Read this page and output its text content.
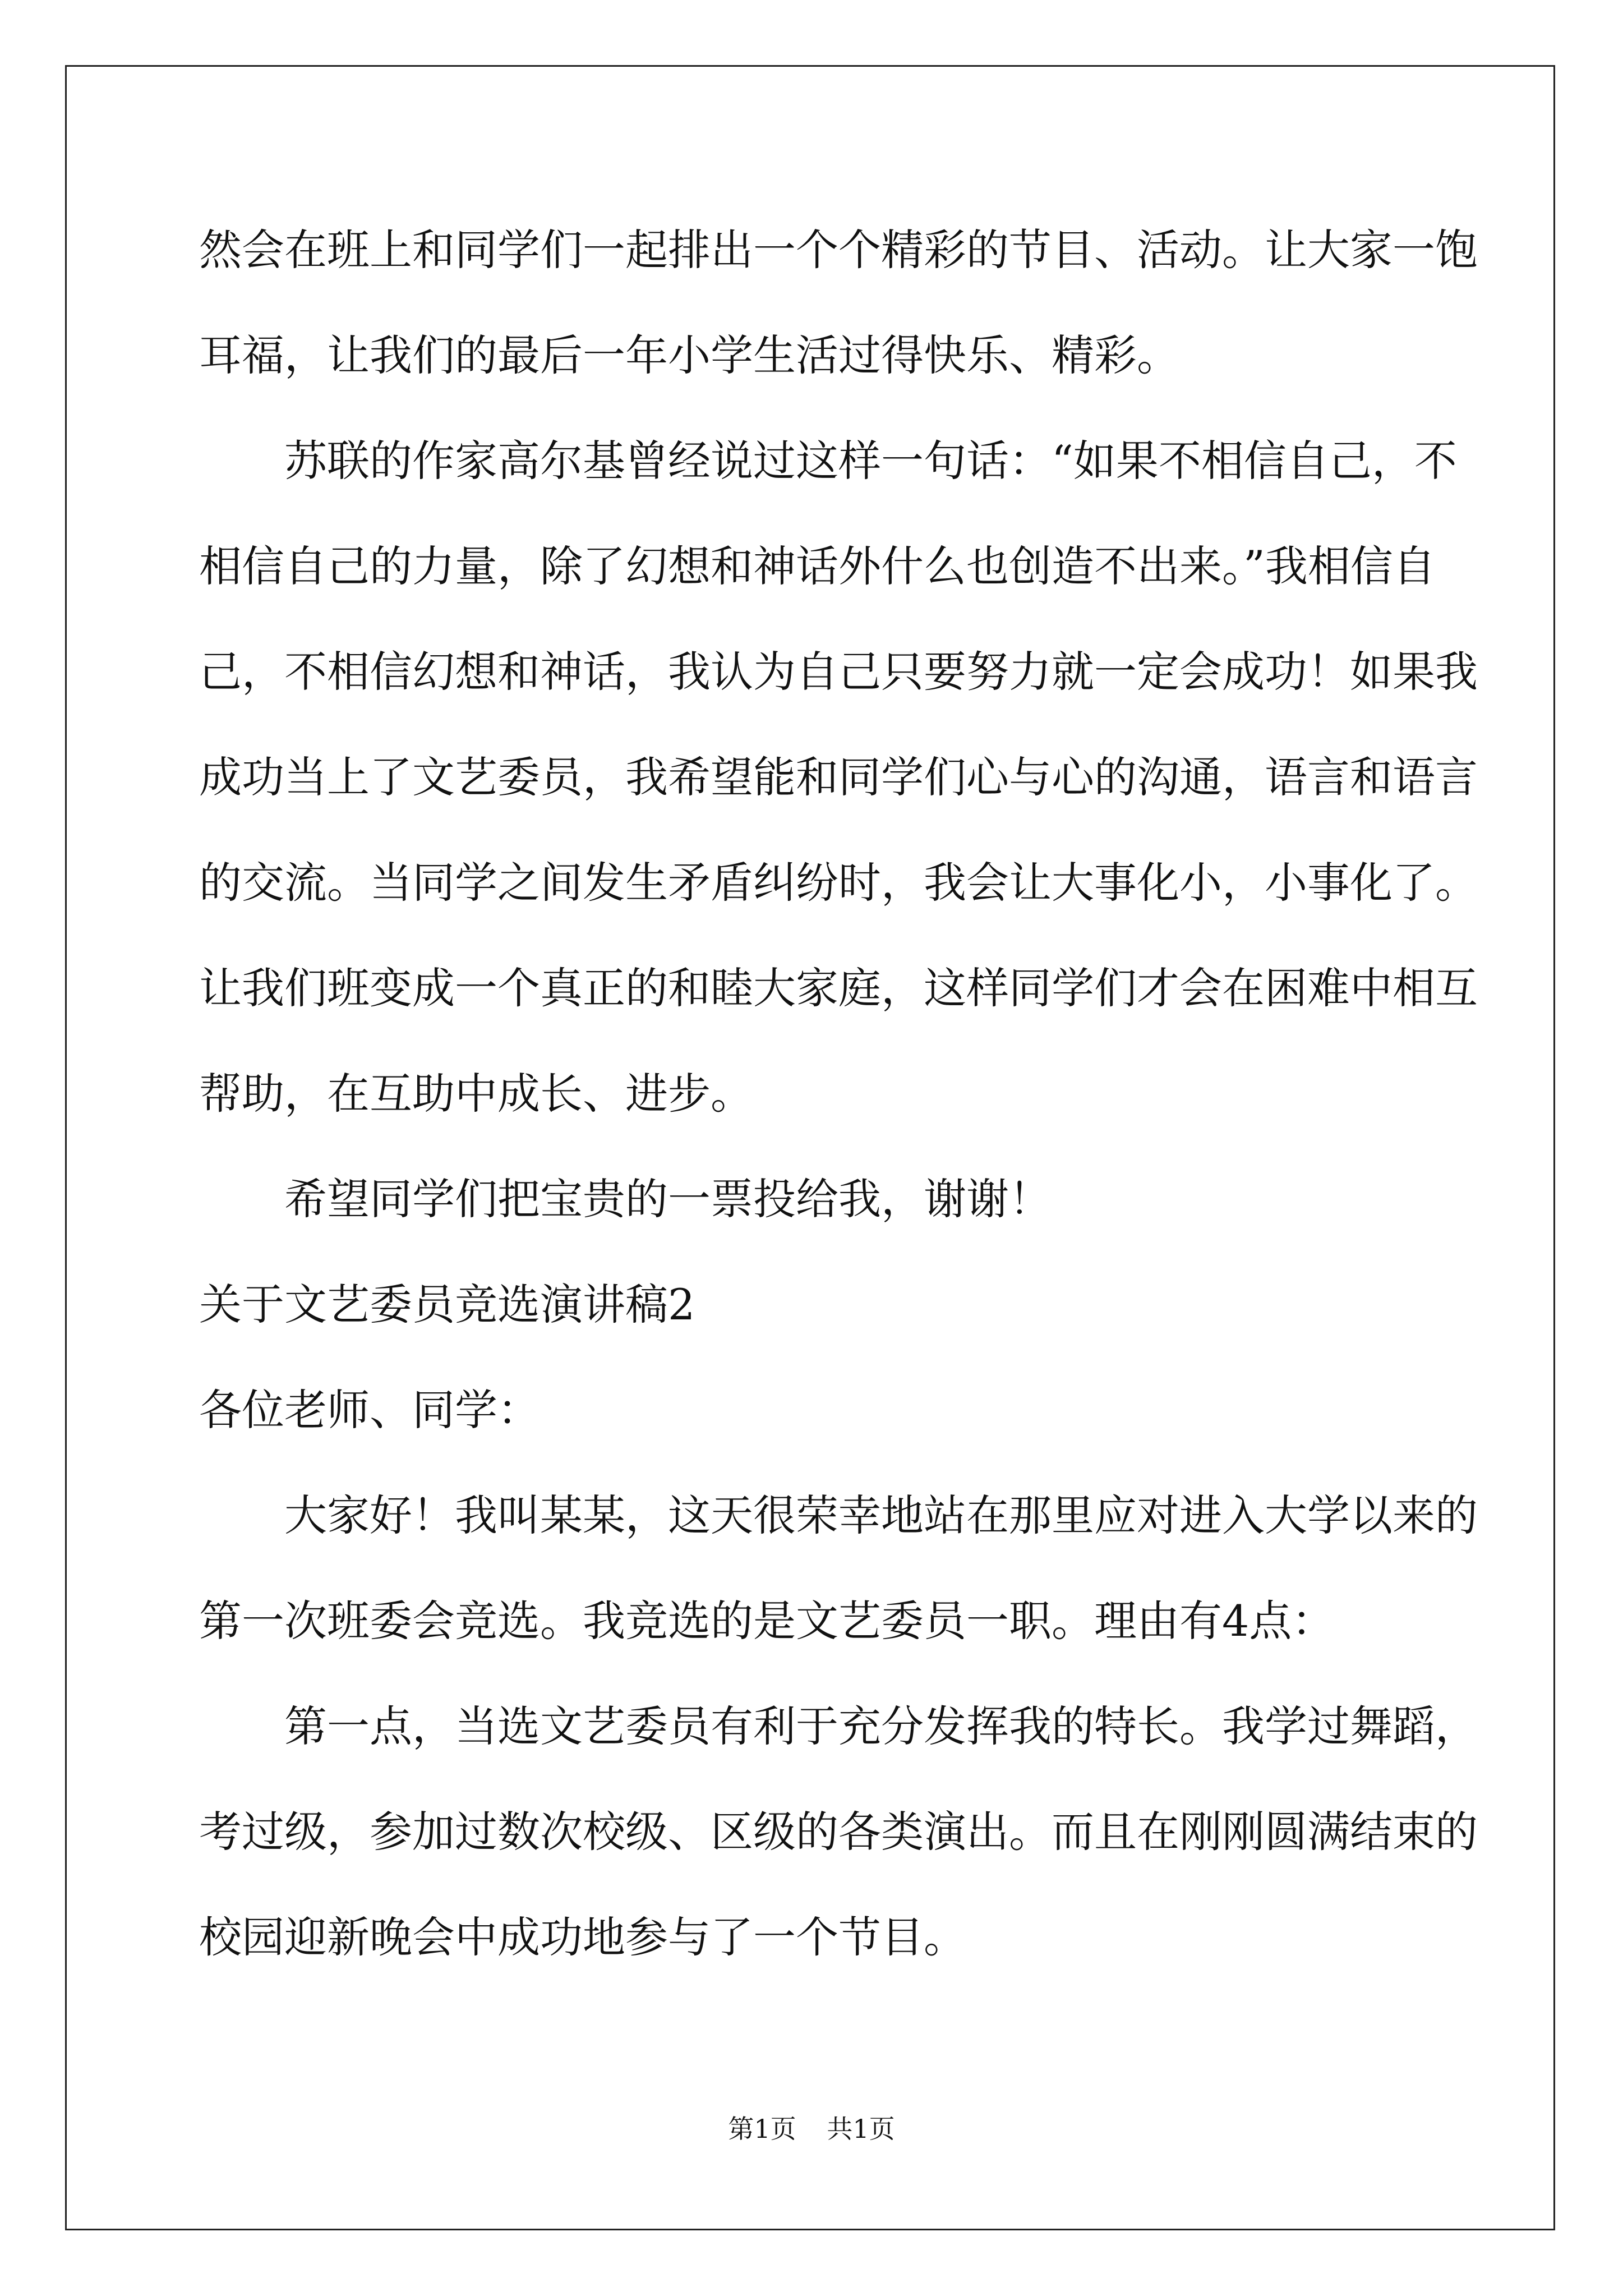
然会在班上和同学们一起排出一个个精彩的节目、活动。让大家一饱

耳福，让我们的最后一年小学生活过得快乐、精彩。

苏联的作家高尔基曾经说过这样一句话：“如果不相信自己，不

相信自己的力量，除了幻想和神话外什么也创造不出来。”我相信自

己，不相信幻想和神话，我认为自己只要努力就一定会成功！如果我

成功当上了文艺委员，我希望能和同学们心与心的沟通，语言和语言

的交流。当同学之间发生矛盾纠纷时，我会让大事化小，小事化了。

让我们班变成一个真正的和睦大家庭，这样同学们才会在困难中相互

帮助，在互助中成长、进步。

希望同学们把宝贵的一票投给我，谢谢！

关于文艺委员竞选演讲稿2

各位老师、同学：

大家好！我叫某某，这天很荣幸地站在那里应对进入大学以来的

第一次班委会竞选。我竞选的是文艺委员一职。理由有4点：

第一点，当选文艺委员有利于充分发挥我的特长。我学过舞蹈，

考过级，参加过数次校级、区级的各类演出。而且在刚刚圆满结束的

校园迎新晚会中成功地参与了一个节目。

第1页 共1页
